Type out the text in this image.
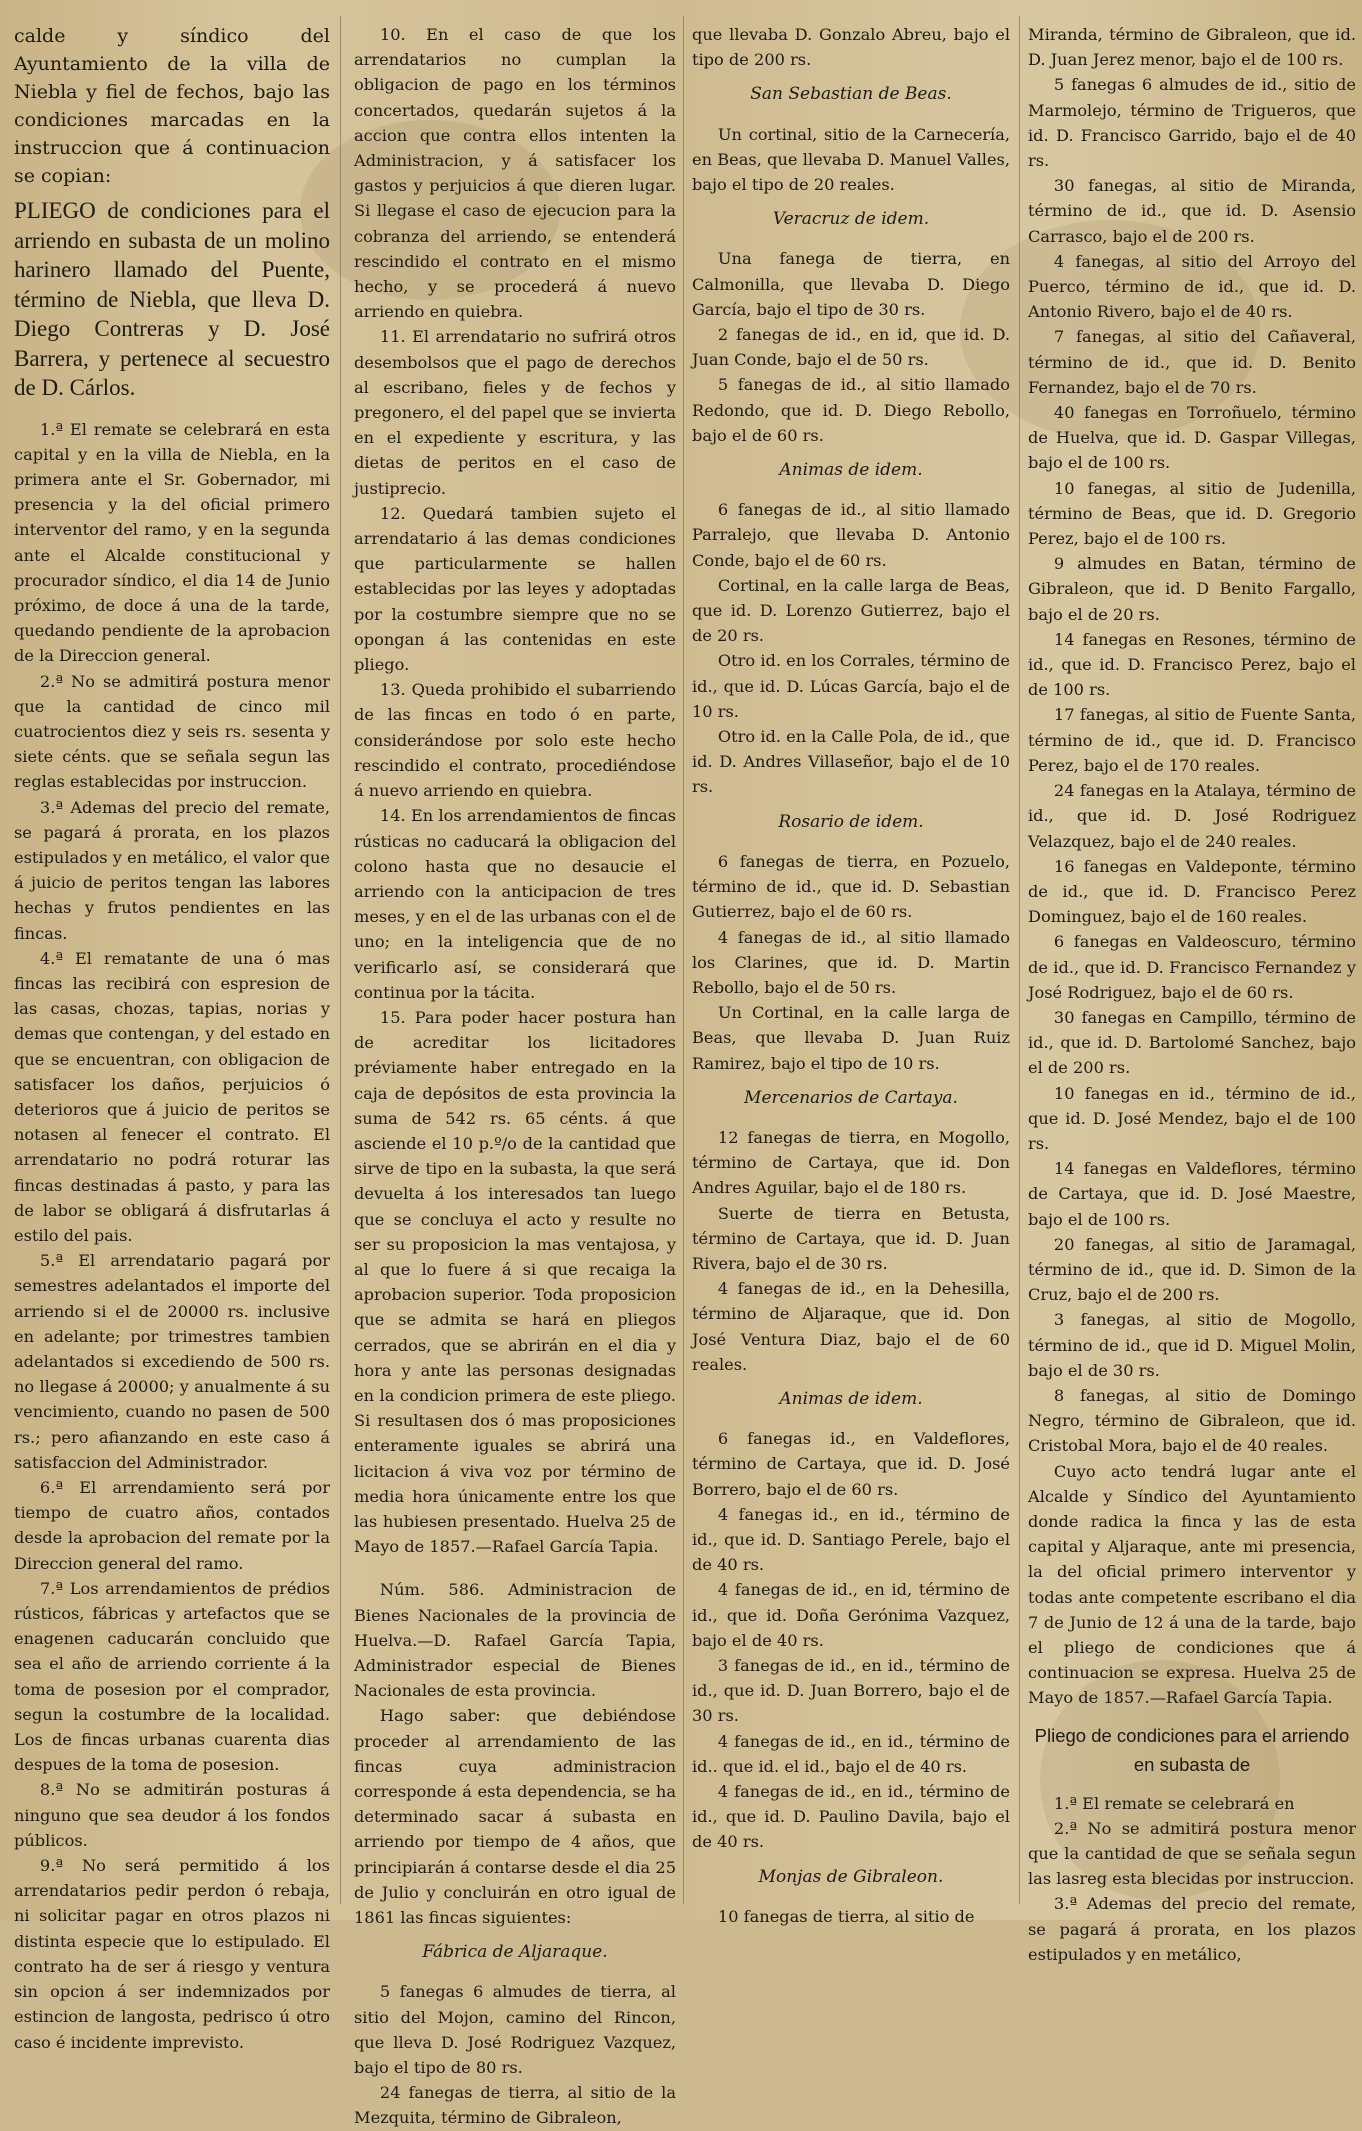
calde y síndico del Ayuntamiento de la villa de Niebla y fiel de fechos, bajo las condiciones marcadas en la instruccion que á continuacion se copian:

PLIEGO de condiciones para el arriendo en subasta de un molino harinero llamado del Puente, término de Niebla, que lleva D. Diego Contreras y D. José Barrera, y pertenece al secuestro de D. Cárlos.

1.ª El remate se celebrará en esta capital y en la villa de Niebla, en la primera ante el Sr. Gobernador, mi presencia y la del oficial primero interventor del ramo, y en la segunda ante el Alcalde constitucional y procurador síndico, el dia 14 de Junio próximo, de doce á una de la tarde, quedando pendiente de la aprobacion de la Direccion general.

2.ª No se admitirá postura menor que la cantidad de cinco mil cuatrocientos diez y seis rs. sesenta y siete cénts. que se señala segun las reglas establecidas por instruccion.

3.ª Ademas del precio del remate, se pagará á prorata, en los plazos estipulados y en metálico, el valor que á juicio de peritos tengan las labores hechas y frutos pendientes en las fincas.

4.ª El rematante de una ó mas fincas las recibirá con espresion de las casas, chozas, tapias, norias y demas que contengan, y del estado en que se encuentran, con obligacion de satisfacer los daños, perjuicios ó deterioros que á juicio de peritos se notasen al fenecer el contrato. El arrendatario no podrá roturar las fincas destinadas á pasto, y para las de labor se obligará á disfrutarlas á estilo del pais.

5.ª El arrendatario pagará por semestres adelantados el importe del arriendo si el de 20000 rs. inclusive en adelante; por trimestres tambien adelantados si excediendo de 500 rs. no llegase á 20000; y anualmente á su vencimiento, cuando no pasen de 500 rs.; pero afianzando en este caso á satisfaccion del Administrador.

6.ª El arrendamiento será por tiempo de cuatro años, contados desde la aprobacion del remate por la Direccion general del ramo.

7.ª Los arrendamientos de prédios rústicos, fábricas y artefactos que se enagenen caducarán concluido que sea el año de arriendo corriente á la toma de posesion por el comprador, segun la costumbre de la localidad. Los de fincas urbanas cuarenta dias despues de la toma de posesion.

8.ª No se admitirán posturas á ninguno que sea deudor á los fondos públicos.

9.ª No será permitido á los arrendatarios pedir perdon ó rebaja, ni solicitar pagar en otros plazos ni distinta especie que lo estipulado. El contrato ha de ser á riesgo y ventura sin opcion á ser indemnizados por estincion de langosta, pedrisco ú otro caso é incidente imprevisto.

10. En el caso de que los arrendatarios no cumplan la obligacion de pago en los términos concertados, quedarán sujetos á la accion que contra ellos intenten la Administracion, y á satisfacer los gastos y perjuicios á que dieren lugar. Si llegase el caso de ejecucion para la cobranza del arriendo, se entenderá rescindido el contrato en el mismo hecho, y se procederá á nuevo arriendo en quiebra.

11. El arrendatario no sufrirá otros desembolsos que el pago de derechos al escribano, fieles y de fechos y pregonero, el del papel que se invierta en el expediente y escritura, y las dietas de peritos en el caso de justiprecio.

12. Quedará tambien sujeto el arrendatario á las demas condiciones que particularmente se hallen establecidas por las leyes y adoptadas por la costumbre siempre que no se opongan á las contenidas en este pliego.

13. Queda prohibido el subarriendo de las fincas en todo ó en parte, considerándose por solo este hecho rescindido el contrato, procediéndose á nuevo arriendo en quiebra.

14. En los arrendamientos de fincas rústicas no caducará la obligacion del colono hasta que no desaucie el arriendo con la anticipacion de tres meses, y en el de las urbanas con el de uno; en la inteligencia que de no verificarlo así, se considerará que continua por la tácita.

15. Para poder hacer postura han de acreditar los licitadores préviamente haber entregado en la caja de depósitos de esta provincia la suma de 542 rs. 65 cénts. á que asciende el 10 p.º/o de la cantidad que sirve de tipo en la subasta, la que será devuelta á los interesados tan luego que se concluya el acto y resulte no ser su proposicion la mas ventajosa, y al que lo fuere á si que recaiga la aprobacion superior. Toda proposicion que se admita se hará en pliegos cerrados, que se abrirán en el dia y hora y ante las personas designadas en la condicion primera de este pliego. Si resultasen dos ó mas proposiciones enteramente iguales se abrirá una licitacion á viva voz por término de media hora únicamente entre los que las hubiesen presentado. Huelva 25 de Mayo de 1857.—Rafael García Tapia.

Núm. 586. Administracion de Bienes Nacionales de la provincia de Huelva.—D. Rafael García Tapia, Administrador especial de Bienes Nacionales de esta provincia.

Hago saber: que debiéndose proceder al arrendamiento de las fincas cuya administracion corresponde á esta dependencia, se ha determinado sacar á subasta en arriendo por tiempo de 4 años, que principiarán á contarse desde el dia 25 de Julio y concluirán en otro igual de 1861 las fincas siguientes:

Fábrica de Aljaraque.

5 fanegas 6 almudes de tierra, al sitio del Mojon, camino del Rincon, que lleva D. José Rodriguez Vazquez, bajo el tipo de 80 rs.

24 fanegas de tierra, al sitio de la Mezquita, término de Gibraleon,

que llevaba D. Gonzalo Abreu, bajo el tipo de 200 rs.

San Sebastian de Beas.

Un cortinal, sitio de la Carnecería, en Beas, que llevaba D. Manuel Valles, bajo el tipo de 20 reales.

Veracruz de idem.

Una fanega de tierra, en Calmonilla, que llevaba D. Diego García, bajo el tipo de 30 rs.

2 fanegas de id., en id, que id. D. Juan Conde, bajo el de 50 rs.

5 fanegas de id., al sitio llamado Redondo, que id. D. Diego Rebollo, bajo el de 60 rs.

Animas de idem.

6 fanegas de id., al sitio llamado Parralejo, que llevaba D. Antonio Conde, bajo el de 60 rs.

Cortinal, en la calle larga de Beas, que id. D. Lorenzo Gutierrez, bajo el de 20 rs.

Otro id. en los Corrales, término de id., que id. D. Lúcas García, bajo el de 10 rs.

Otro id. en la Calle Pola, de id., que id. D. Andres Villaseñor, bajo el de 10 rs.

Rosario de idem.

6 fanegas de tierra, en Pozuelo, término de id., que id. D. Sebastian Gutierrez, bajo el de 60 rs.

4 fanegas de id., al sitio llamado los Clarines, que id. D. Martin Rebollo, bajo el de 50 rs.

Un Cortinal, en la calle larga de Beas, que llevaba D. Juan Ruiz Ramirez, bajo el tipo de 10 rs.

Mercenarios de Cartaya.

12 fanegas de tierra, en Mogollo, término de Cartaya, que id. Don Andres Aguilar, bajo el de 180 rs.

Suerte de tierra en Betusta, término de Cartaya, que id. D. Juan Rivera, bajo el de 30 rs.

4 fanegas de id., en la Dehesilla, término de Aljaraque, que id. Don José Ventura Diaz, bajo el de 60 reales.

Animas de idem.

6 fanegas id., en Valdeflores, término de Cartaya, que id. D. José Borrero, bajo el de 60 rs.

4 fanegas id., en id., término de id., que id. D. Santiago Perele, bajo el de 40 rs.

4 fanegas de id., en id, término de id., que id. Doña Gerónima Vazquez, bajo el de 40 rs.

3 fanegas de id., en id., término de id., que id. D. Juan Borrero, bajo el de 30 rs.

4 fanegas de id., en id., término de id.. que id. el id., bajo el de 40 rs.

4 fanegas de id., en id., término de id., que id. D. Paulino Davila, bajo el de 40 rs.

Monjas de Gibraleon.

10 fanegas de tierra, al sitio de

Miranda, término de Gibraleon, que id. D. Juan Jerez menor, bajo el de 100 rs.

5 fanegas 6 almudes de id., sitio de Marmolejo, término de Trigueros, que id. D. Francisco Garrido, bajo el de 40 rs.

30 fanegas, al sitio de Miranda, término de id., que id. D. Asensio Carrasco, bajo el de 200 rs.

4 fanegas, al sitio del Arroyo del Puerco, término de id., que id. D. Antonio Rivero, bajo el de 40 rs.

7 fanegas, al sitio del Cañaveral, término de id., que id. D. Benito Fernandez, bajo el de 70 rs.

40 fanegas en Torroñuelo, término de Huelva, que id. D. Gaspar Villegas, bajo el de 100 rs.

10 fanegas, al sitio de Judenilla, término de Beas, que id. D. Gregorio Perez, bajo el de 100 rs.

9 almudes en Batan, término de Gibraleon, que id. D Benito Fargallo, bajo el de 20 rs.

14 fanegas en Resones, término de id., que id. D. Francisco Perez, bajo el de 100 rs.

17 fanegas, al sitio de Fuente Santa, término de id., que id. D. Francisco Perez, bajo el de 170 reales.

24 fanegas en la Atalaya, término de id., que id. D. José Rodriguez Velazquez, bajo el de 240 reales.

16 fanegas en Valdeponte, término de id., que id. D. Francisco Perez Dominguez, bajo el de 160 reales.

6 fanegas en Valdeoscuro, término de id., que id. D. Francisco Fernandez y José Rodriguez, bajo el de 60 rs.

30 fanegas en Campillo, término de id., que id. D. Bartolomé Sanchez, bajo el de 200 rs.

10 fanegas en id., término de id., que id. D. José Mendez, bajo el de 100 rs.

14 fanegas en Valdeflores, término de Cartaya, que id. D. José Maestre, bajo el de 100 rs.

20 fanegas, al sitio de Jaramagal, término de id., que id. D. Simon de la Cruz, bajo el de 200 rs.

3 fanegas, al sitio de Mogollo, término de id., que id D. Miguel Molin, bajo el de 30 rs.

8 fanegas, al sitio de Domingo Negro, término de Gibraleon, que id. Cristobal Mora, bajo el de 40 reales.

Cuyo acto tendrá lugar ante el Alcalde y Síndico del Ayuntamiento donde radica la finca y las de esta capital y Aljaraque, ante mi presencia, la del oficial primero interventor y todas ante competente escribano el dia 7 de Junio de 12 á una de la tarde, bajo el pliego de condiciones que á continuacion se expresa. Huelva 25 de Mayo de 1857.—Rafael García Tapia.

Pliego de condiciones para el arriendo en subasta de

1.ª El remate se celebrará en

2.ª No se admitirá postura menor que la cantidad de que se señala segun las lasreg esta blecidas por instruccion.

3.ª Ademas del precio del remate, se pagará á prorata, en los plazos estipulados y en metálico,
